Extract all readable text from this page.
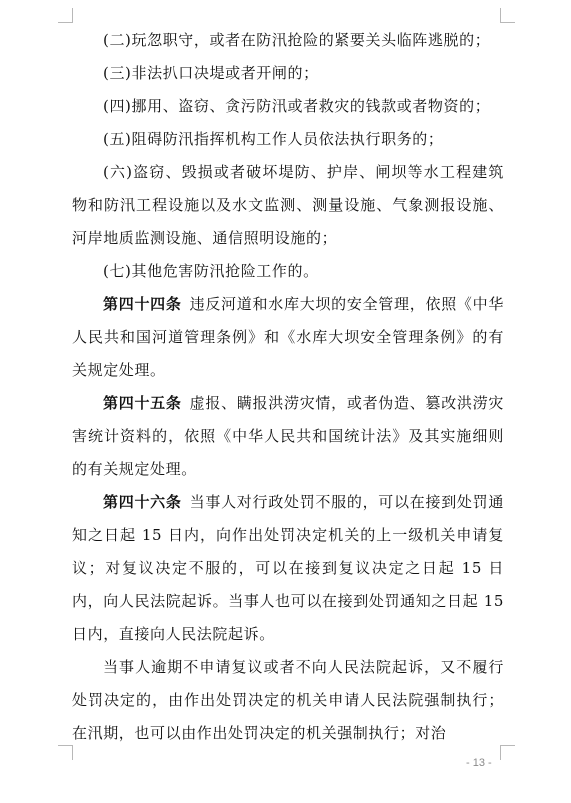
(二)玩忽职守，或者在防汛抢险的紧要关头临阵逃脱的；

(三)非法扒口决堤或者开闸的；

(四)挪用、盗窃、贪污防汛或者救灾的钱款或者物资的；

(五)阻碍防汛指挥机构工作人员依法执行职务的；

(六)盗窃、毁损或者破坏堤防、护岸、闸坝等水工程建筑物和防汛工程设施以及水文监测、测量设施、气象测报设施、河岸地质监测设施、通信照明设施的；

(七)其他危害防汛抢险工作的。

第四十四条 违反河道和水库大坝的安全管理，依照《中华人民共和国河道管理条例》和《水库大坝安全管理条例》的有关规定处理。

第四十五条 虚报、瞒报洪涝灾情，或者伪造、篡改洪涝灾害统计资料的，依照《中华人民共和国统计法》及其实施细则的有关规定处理。

第四十六条 当事人对行政处罚不服的，可以在接到处罚通知之日起 15 日内，向作出处罚决定机关的上一级机关申请复议；对复议决定不服的，可以在接到复议决定之日起 15 日内，向人民法院起诉。当事人也可以在接到处罚通知之日起 15 日内，直接向人民法院起诉。

当事人逾期不申请复议或者不向人民法院起诉，又不履行处罚决定的，由作出处罚决定的机关申请人民法院强制执行；在汛期，也可以由作出处罚决定的机关强制执行；对治

- 13 -
